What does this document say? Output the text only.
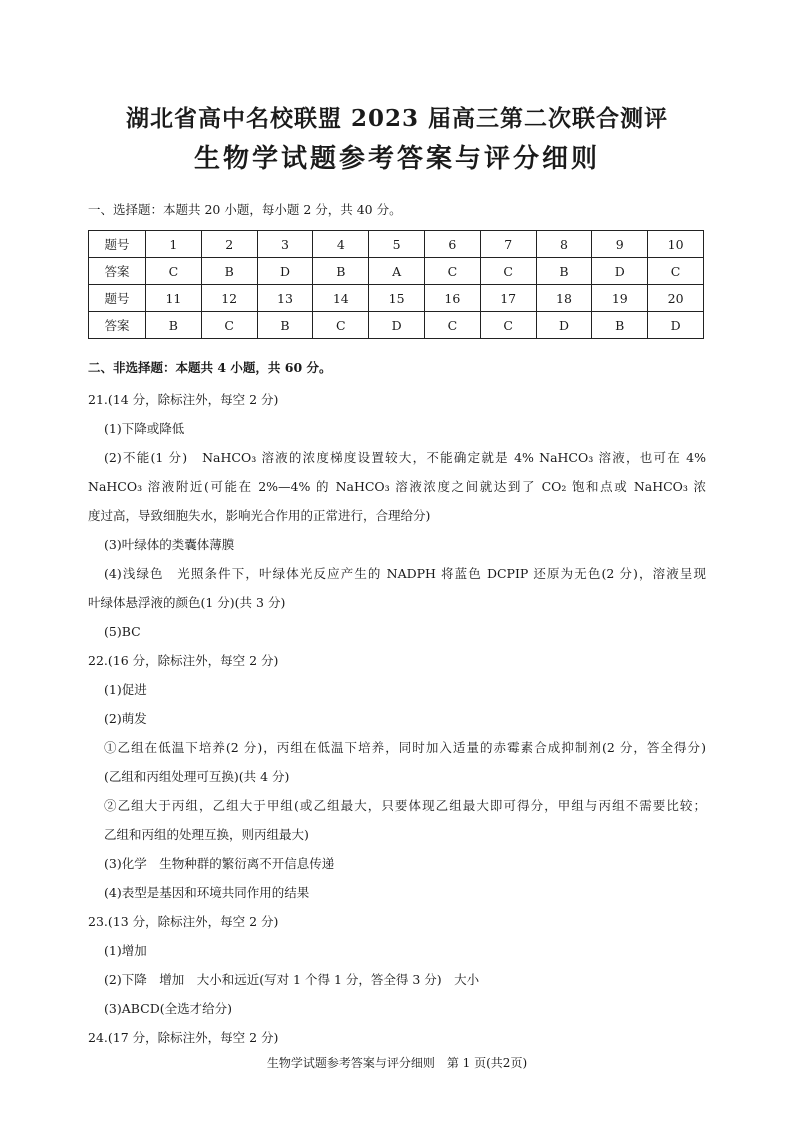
湖北省高中名校联盟 2023 届高三第二次联合测评
生物学试题参考答案与评分细则
一、选择题：本题共 20 小题，每小题 2 分，共 40 分。
题号	1	2	3	4	5	6	7	8	9	10
答案	C	B	D	B	A	C	C	B	D	C
题号	11	12	13	14	15	16	17	18	19	20
答案	B	C	B	C	D	C	C	D	B	D
二、非选择题：本题共 4 小题，共 60 分。
21.(14 分，除标注外，每空 2 分)
(1)下降或降低
(2)不能(1 分)　NaHCO₃ 溶液的浓度梯度设置较大，不能确定就是 4% NaHCO₃ 溶液，也可在 4%
NaHCO₃ 溶液附近(可能在 2%—4% 的 NaHCO₃ 溶液浓度之间就达到了 CO₂ 饱和点或 NaHCO₃ 浓
度过高，导致细胞失水，影响光合作用的正常进行，合理给分)
(3)叶绿体的类囊体薄膜
(4)浅绿色　光照条件下，叶绿体光反应产生的 NADPH 将蓝色 DCPIP 还原为无色(2 分)，溶液呈现
叶绿体悬浮液的颜色(1 分)(共 3 分)
(5)BC
22.(16 分，除标注外，每空 2 分)
(1)促进
(2)萌发
①乙组在低温下培养(2 分)，丙组在低温下培养，同时加入适量的赤霉素合成抑制剂(2 分，答全得分)
(乙组和丙组处理可互换)(共 4 分)
②乙组大于丙组，乙组大于甲组(或乙组最大，只要体现乙组最大即可得分，甲组与丙组不需要比较；
乙组和丙组的处理互换，则丙组最大)
(3)化学　生物种群的繁衍离不开信息传递
(4)表型是基因和环境共同作用的结果
23.(13 分，除标注外，每空 2 分)
(1)增加
(2)下降　增加　大小和远近(写对 1 个得 1 分，答全得 3 分)　大小
(3)ABCD(全选才给分)
24.(17 分，除标注外，每空 2 分)
生物学试题参考答案与评分细则　第 1 页(共2页)
